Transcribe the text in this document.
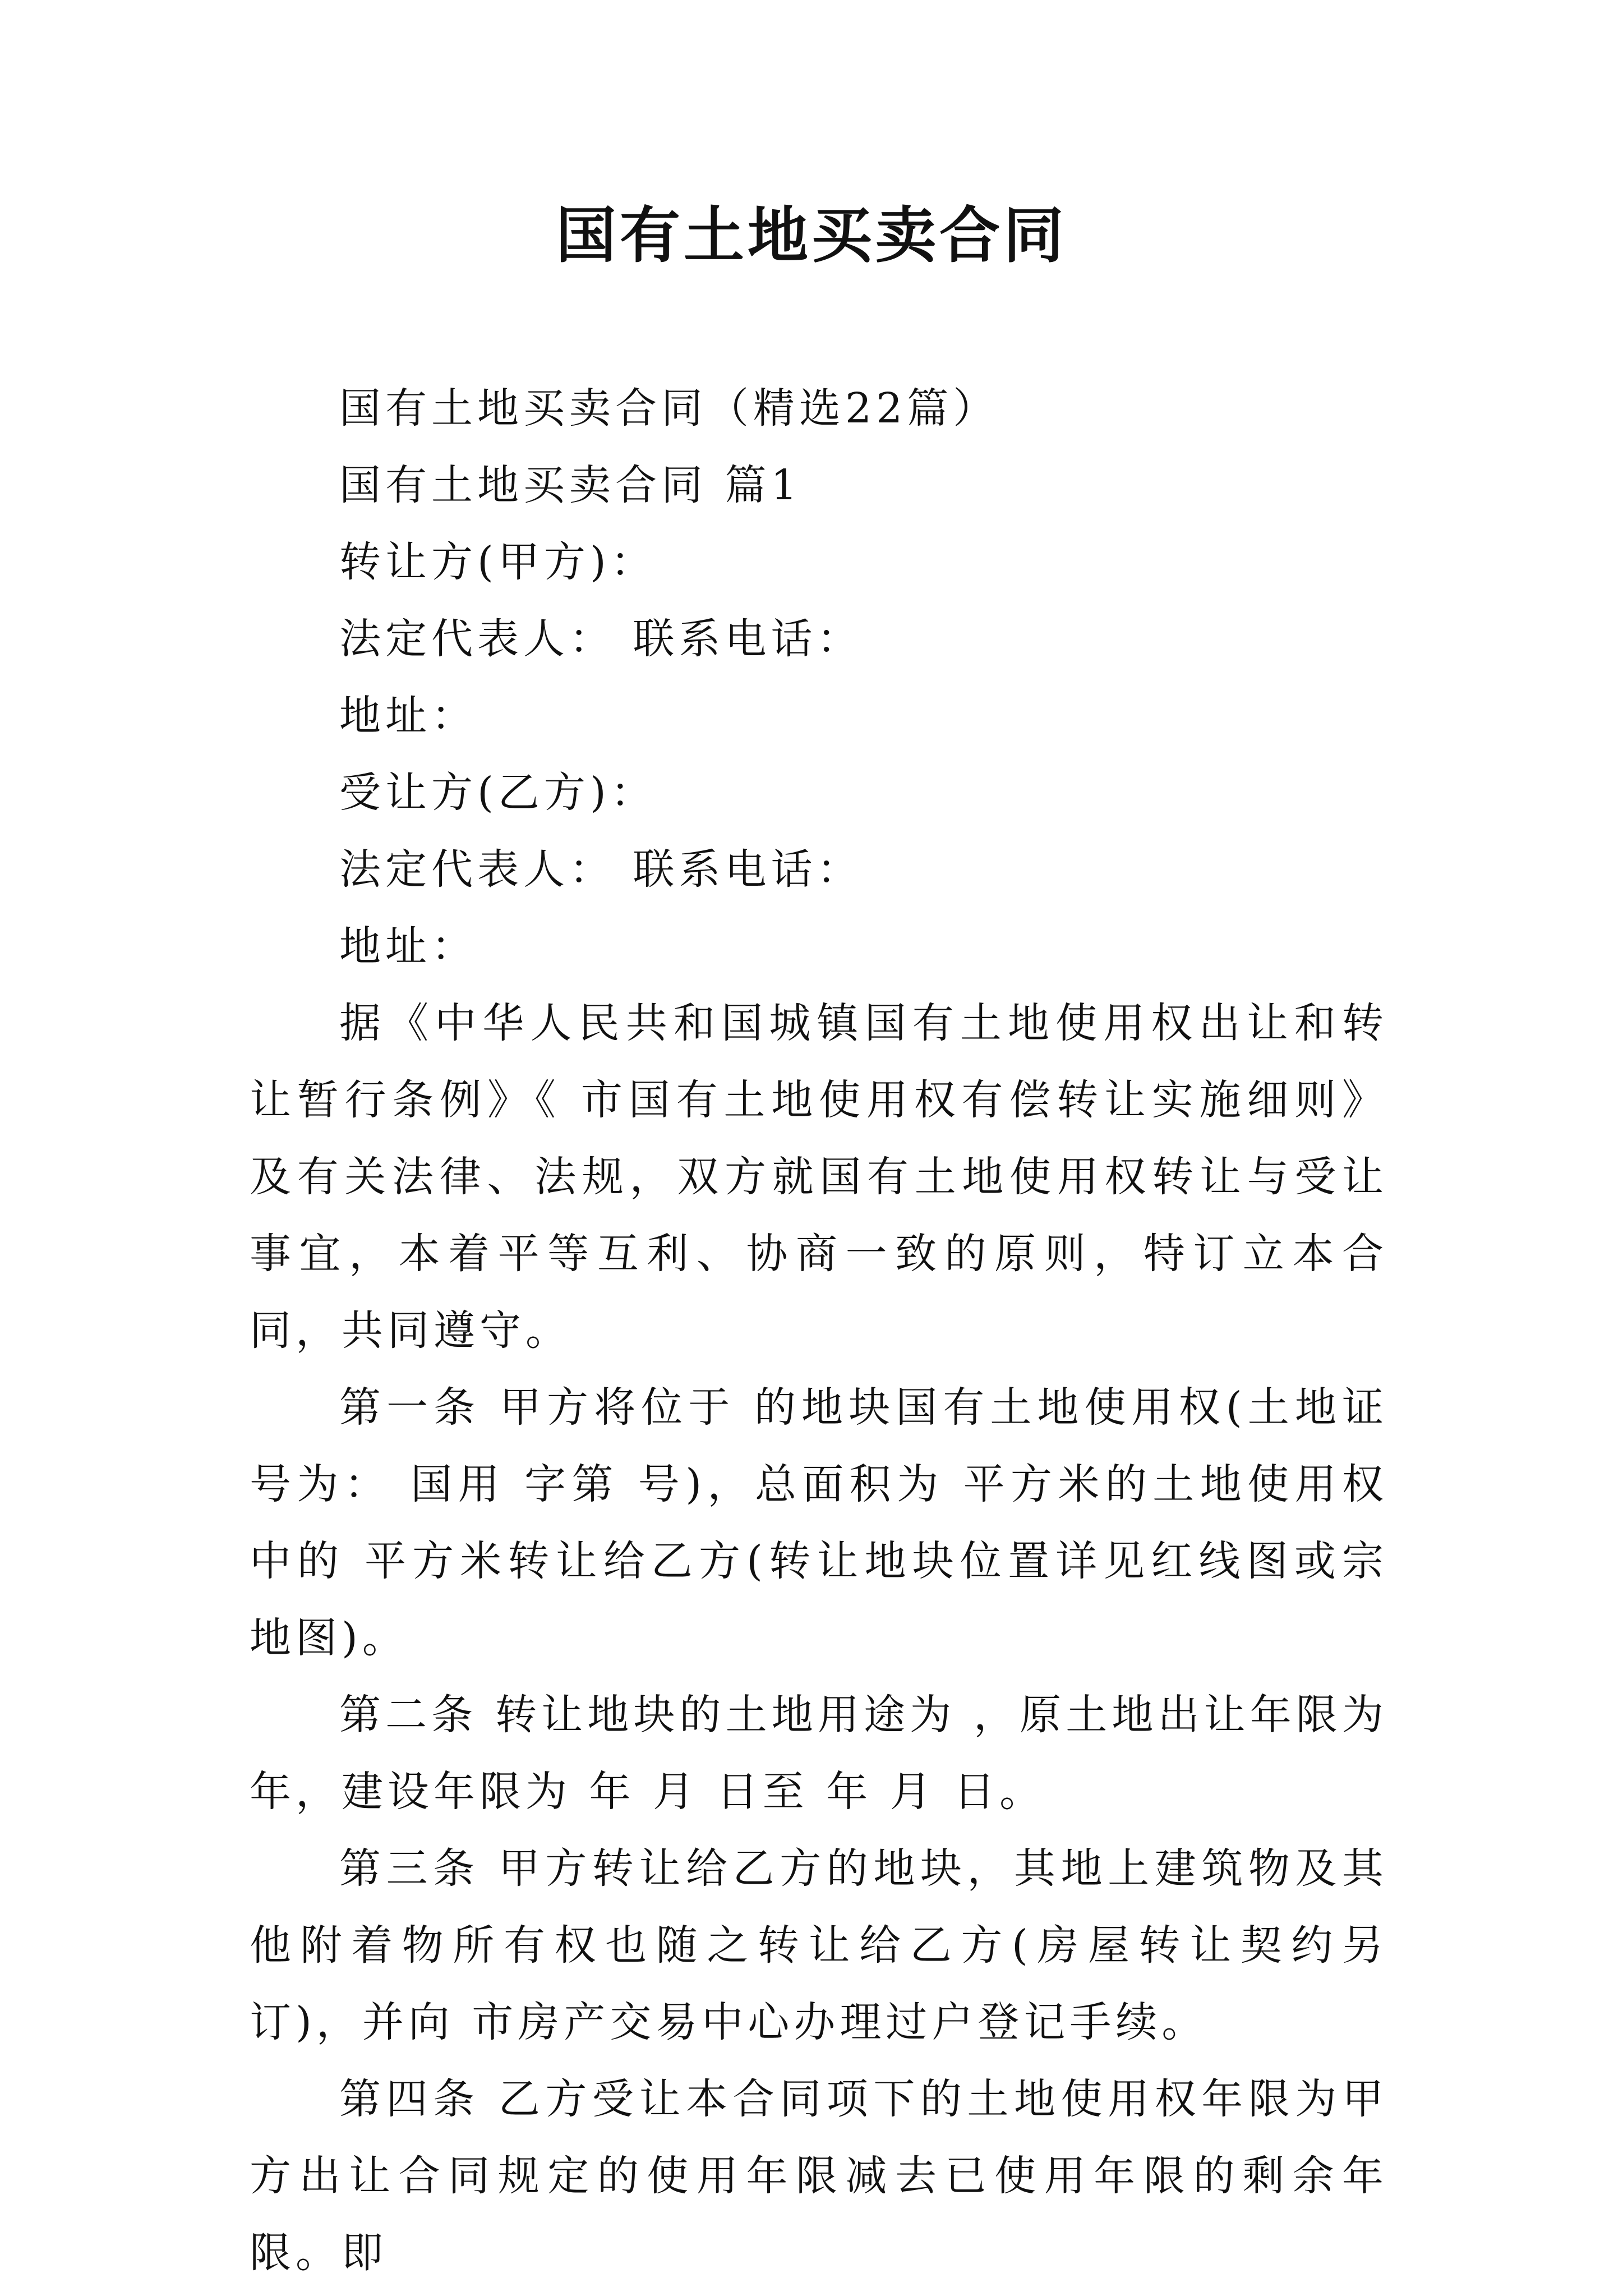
国有土地买卖合同

国有土地买卖合同（精选22篇）

国有土地买卖合同 篇1

转让方(甲方)：

法定代表人： 联系电话：

地址：

受让方(乙方)：

法定代表人： 联系电话：

地址：

据《中华人民共和国城镇国有土地使用权出让和转让暂行条例》《 市国有土地使用权有偿转让实施细则》及有关法律、法规，双方就国有土地使用权转让与受让事宜，本着平等互利、协商一致的原则，特订立本合同，共同遵守。

第一条 甲方将位于 的地块国有土地使用权(土地证号为： 国用 字第 号)，总面积为 平方米的土地使用权中的 平方米转让给乙方(转让地块位置详见红线图或宗地图)。

第二条 转让地块的土地用途为 ，原土地出让年限为 年，建设年限为 年 月 日至 年 月 日。

第三条 甲方转让给乙方的地块，其地上建筑物及其他附着物所有权也随之转让给乙方(房屋转让契约另订)，并向 市房产交易中心办理过户登记手续。

第四条 乙方受让本合同项下的土地使用权年限为甲方出让合同规定的使用年限减去已使用年限的剩余年限。即
